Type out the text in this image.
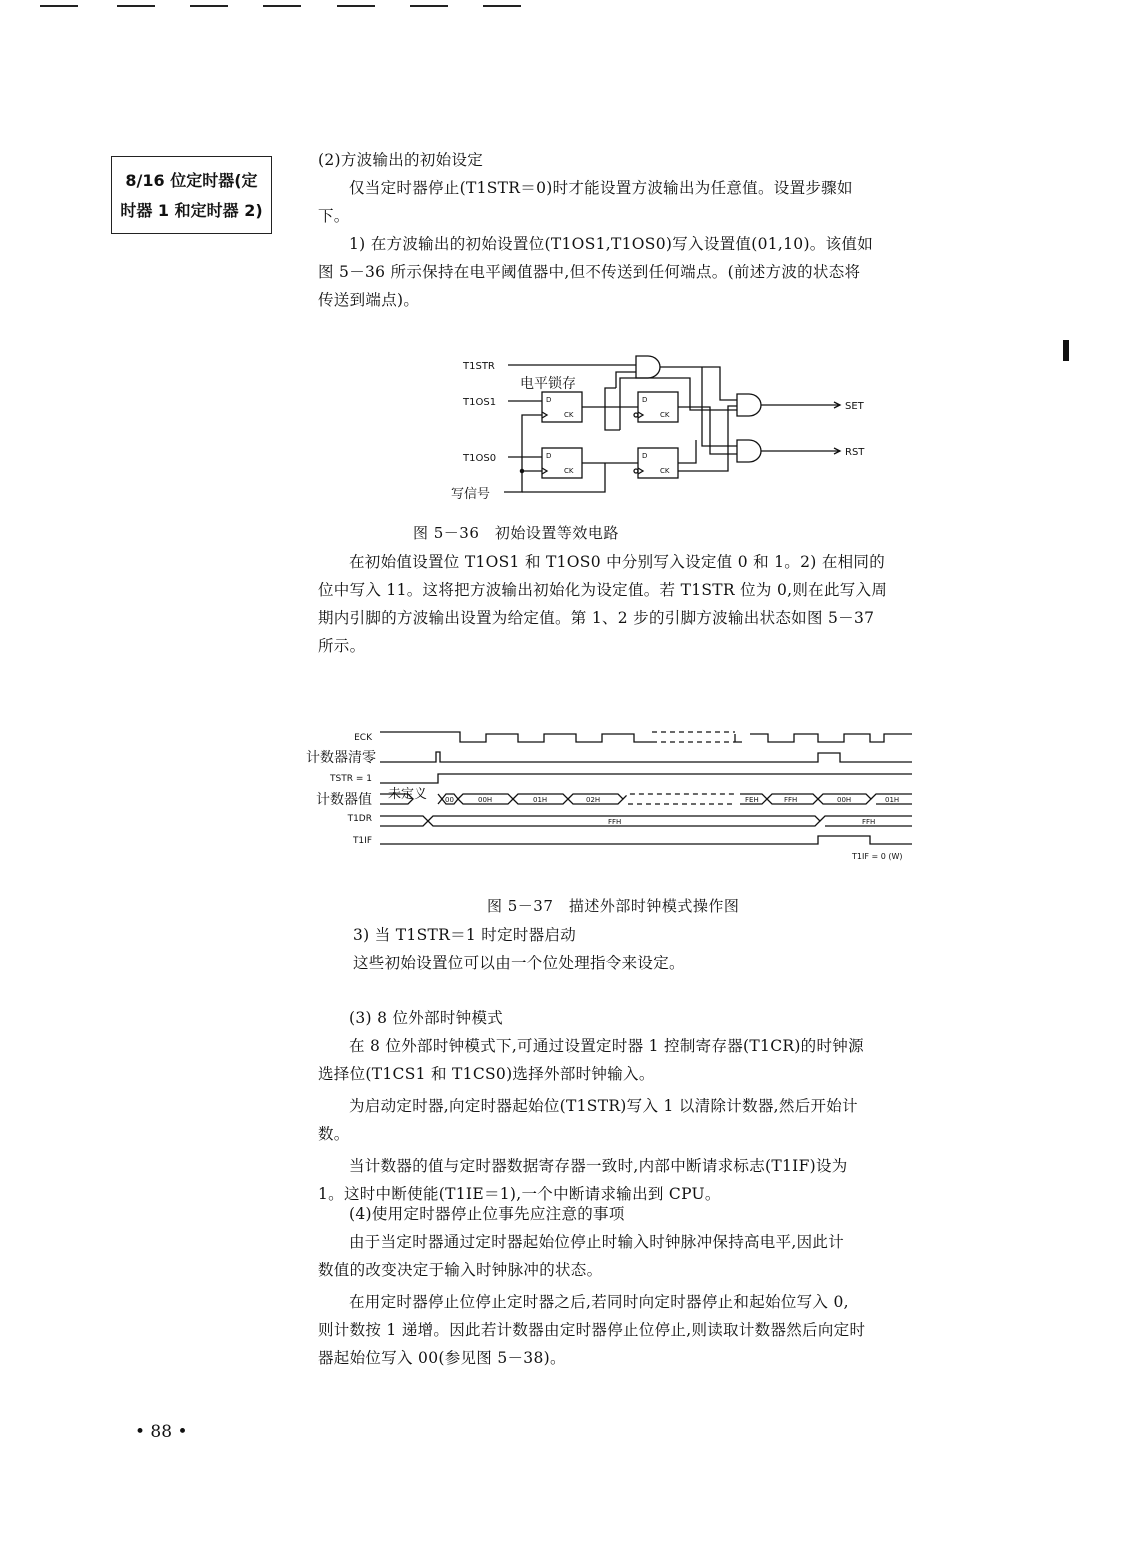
8/16 位定时器(定
时器 1 和定时器 2)
(2)方波输出的初始设定
仅当定时器停止(T1STR＝0)时才能设置方波输出为任意值。设置步骤如
下。
1) 在方波输出的初始设置位(T1OS1,T1OS0)写入设置值(01,10)。该值如
图 5－36 所示保持在电平阈值器中,但不传送到任何端点。(前述方波的状态将
传送到端点)。
T1STR
T1OS1
T1OS0
写信号
电平锁存
D
CK
D
CK
D
CK
D
CK
SET
RST
图 5－36　初始设置等效电路
在初始值设置位 T1OS1 和 T1OS0 中分别写入设定值 0 和 1。2) 在相同的
位中写入 11。这将把方波输出初始化为设定值。若 T1STR 位为 0,则在此写入周
期内引脚的方波输出设置为给定值。第 1、2 步的引脚方波输出状态如图 5－37
所示。
ECK
计数器清零
TSTR = 1
计数器值
T1DR
T1IF
未定义	00	00H	01H	02H	FEH	FFH	00H	01H
FFH	FFH
T1IF = 0 (W)
图 5－37　描述外部时钟模式操作图
3) 当 T1STR＝1 时定时器启动
这些初始设置位可以由一个位处理指令来设定。
(3) 8 位外部时钟模式
在 8 位外部时钟模式下,可通过设置定时器 1 控制寄存器(T1CR)的时钟源
选择位(T1CS1 和 T1CS0)选择外部时钟输入。
为启动定时器,向定时器起始位(T1STR)写入 1 以清除计数器,然后开始计
数。
当计数器的值与定时器数据寄存器一致时,内部中断请求标志(T1IF)设为
1。这时中断使能(T1IE＝1),一个中断请求输出到 CPU。
(4)使用定时器停止位事先应注意的事项
由于当定时器通过定时器起始位停止时输入时钟脉冲保持高电平,因此计
数值的改变决定于输入时钟脉冲的状态。
在用定时器停止位停止定时器之后,若同时向定时器停止和起始位写入 0,
则计数按 1 递增。因此若计数器由定时器停止位停止,则读取计数器然后向定时
器起始位写入 00(参见图 5－38)。
• 88 •
